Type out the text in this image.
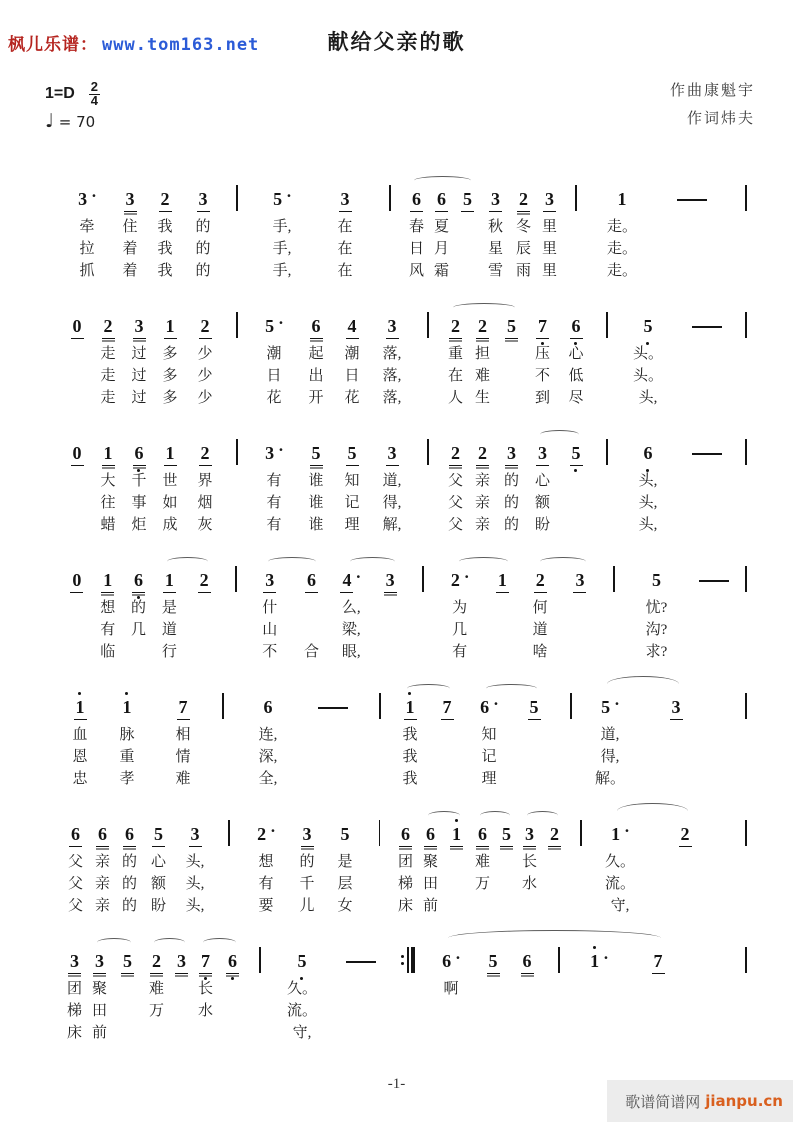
枫儿乐谱： www.tom163.net	献给父亲的歌
$1=D \frac{2}{4}$
♩ = 70
作曲康魁宇
作词炜夫
3 · 3 2 3	5 ·	3	6 6 5 3 2 3	1
牵	住	我	的	手,	在	春 夏	秋 冬 里	走。
拉	着	我	的	手,	在	日 月	星 辰 里	走。
抓	着	我	的	手,	在	风 霜	雪 雨 里	走。
0 2 3 1 2	5 · 6 4 3	2 2 5 7 6	5
走	过	多	少	潮	起	潮	落,	重 担	压	心	头。
走	过	多	少	日	出	日	落,	在 难	不	低	头。
走	过	多	少	花	开	花	落,	人 生	到	尽	头,
0 1 6 1 2	3 · 5 5 3	2 2 3 3 5	6
大	千	世	界	有	谁	知	道,	父 亲 的	心	头,
往	事	如	烟	有	谁	记	得,	父 亲 的	额	头,
蜡	炬	成	灰	有	谁	理	解,	父 亲 的	盼	头,
0 1 6 1 2	3 6 4 · 3	2 · 1 2 3	5
想	的	是	什	么,	为	何	忧?
有	几	道	山	梁,	几	道	沟?
临	行	不	合	眼,	有	啥	求?
1 1	7	6	1 7 6 · 5	5 ·	3
血	脉	相	连,	我	知	道,
恩	重	情	深,	我	记	得,
忠	孝	难	全,	我	理	解。
6 6 6 5 3	2 · 3 5	6 6 1 6 5 3 2	1 ·	2
父 亲 的 心	头,	想	的	是	团 聚	难	长	久。
父 亲 的 额	头,	有	千	层	梯 田	万	水	流。
父 亲 的 盼	头,	要	儿	女	床 前	守,
3 3 5 2 3 7 6	5	6 · 5 6	1 · 7
团 聚	难	长	久。	啊
梯 田	万	水	流。
床 前	守,
-1-
歌谱简谱网 jianpu.cn
